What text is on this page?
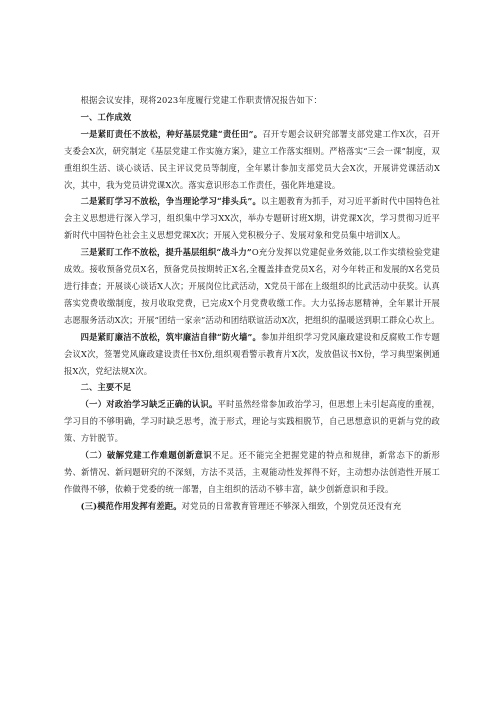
根据会议安排，现将2023年度履行党建工作职责情况报告如下：

一、工作成效

一是紧盯责任不放松，种好基层党建“责任田”。召开专题会议研究部署支部党建工作X次，召开支委会X次，研究制定《基层党建工作实施方案》，建立工作落实细则。严格落实“三会一课”制度，双重组织生活、谈心谈话、民主评议党员等制度，全年累计参加支部党员大会X次，开展讲党课活动X次，其中，我为党员讲党课X次。落实意识形态工作责任，强化阵地建设。

二是紧盯学习不放松，争当理论学习“排头兵”。以主题教育为抓手，对习近平新时代中国特色社会主义思想进行深入学习，组织集中学习XX次，举办专题研讨班X期，讲党课X次，学习贯彻习近平新时代中国特色社会主义思想党课X次；开展入党积极分子、发展对象和党员集中培训X人。

三是紧盯工作不放松，提升基层组织“战斗力”O充分发挥以党建促业务效能,以工作实绩检验党建成效。接收预备党员X名，预备党员按期转正X名,全覆盖排查党员X名，对今年转正和发展的X名党员进行排查；开展谈心谈话X人次；开展岗位比武活动，X党员干部在上级组织的比武活动中获奖。认真落实党费收缴制度，按月收取党费，已完成X个月党费收缴工作。大力弘扬志愿精神，全年累计开展志愿服务活动X次；开展“团结一家亲”活动和团结联谊活动X次，把组织的温暖送到职工群众心坎上。

四是紧盯廉洁不放松，筑牢廉洁自律“防火墙”。参加并组织学习党风廉政建设和反腐败工作专题会议X次，签署党风廉政建设责任书X份,组织观看警示教育片X次，发放倡议书X份，学习典型案例通报X次，党纪法规X次。

二、主要不足

（一）对政治学习缺乏正确的认识。平时虽然经常参加政治学习，但思想上未引起高度的重视，学习目的不够明确，学习时缺乏思考，流于形式，理论与实践相脱节，自己思想意识的更新与党的政策、方针脱节。

（二）破解党建工作难题创新意识不足。还不能完全把握党建的特点和规律，新常态下的新形势、新情况、新问题研究的不深刻，方法不灵活，主观能动性发挥得不好，主动想办法创造性开展工作做得不够，依赖于党委的统一部署，自主组织的活动不够丰富，缺少创新意识和手段。

(三)模范作用发挥有差距。对党员的日常教育管理还不够深入细致，个别党员还没有充
